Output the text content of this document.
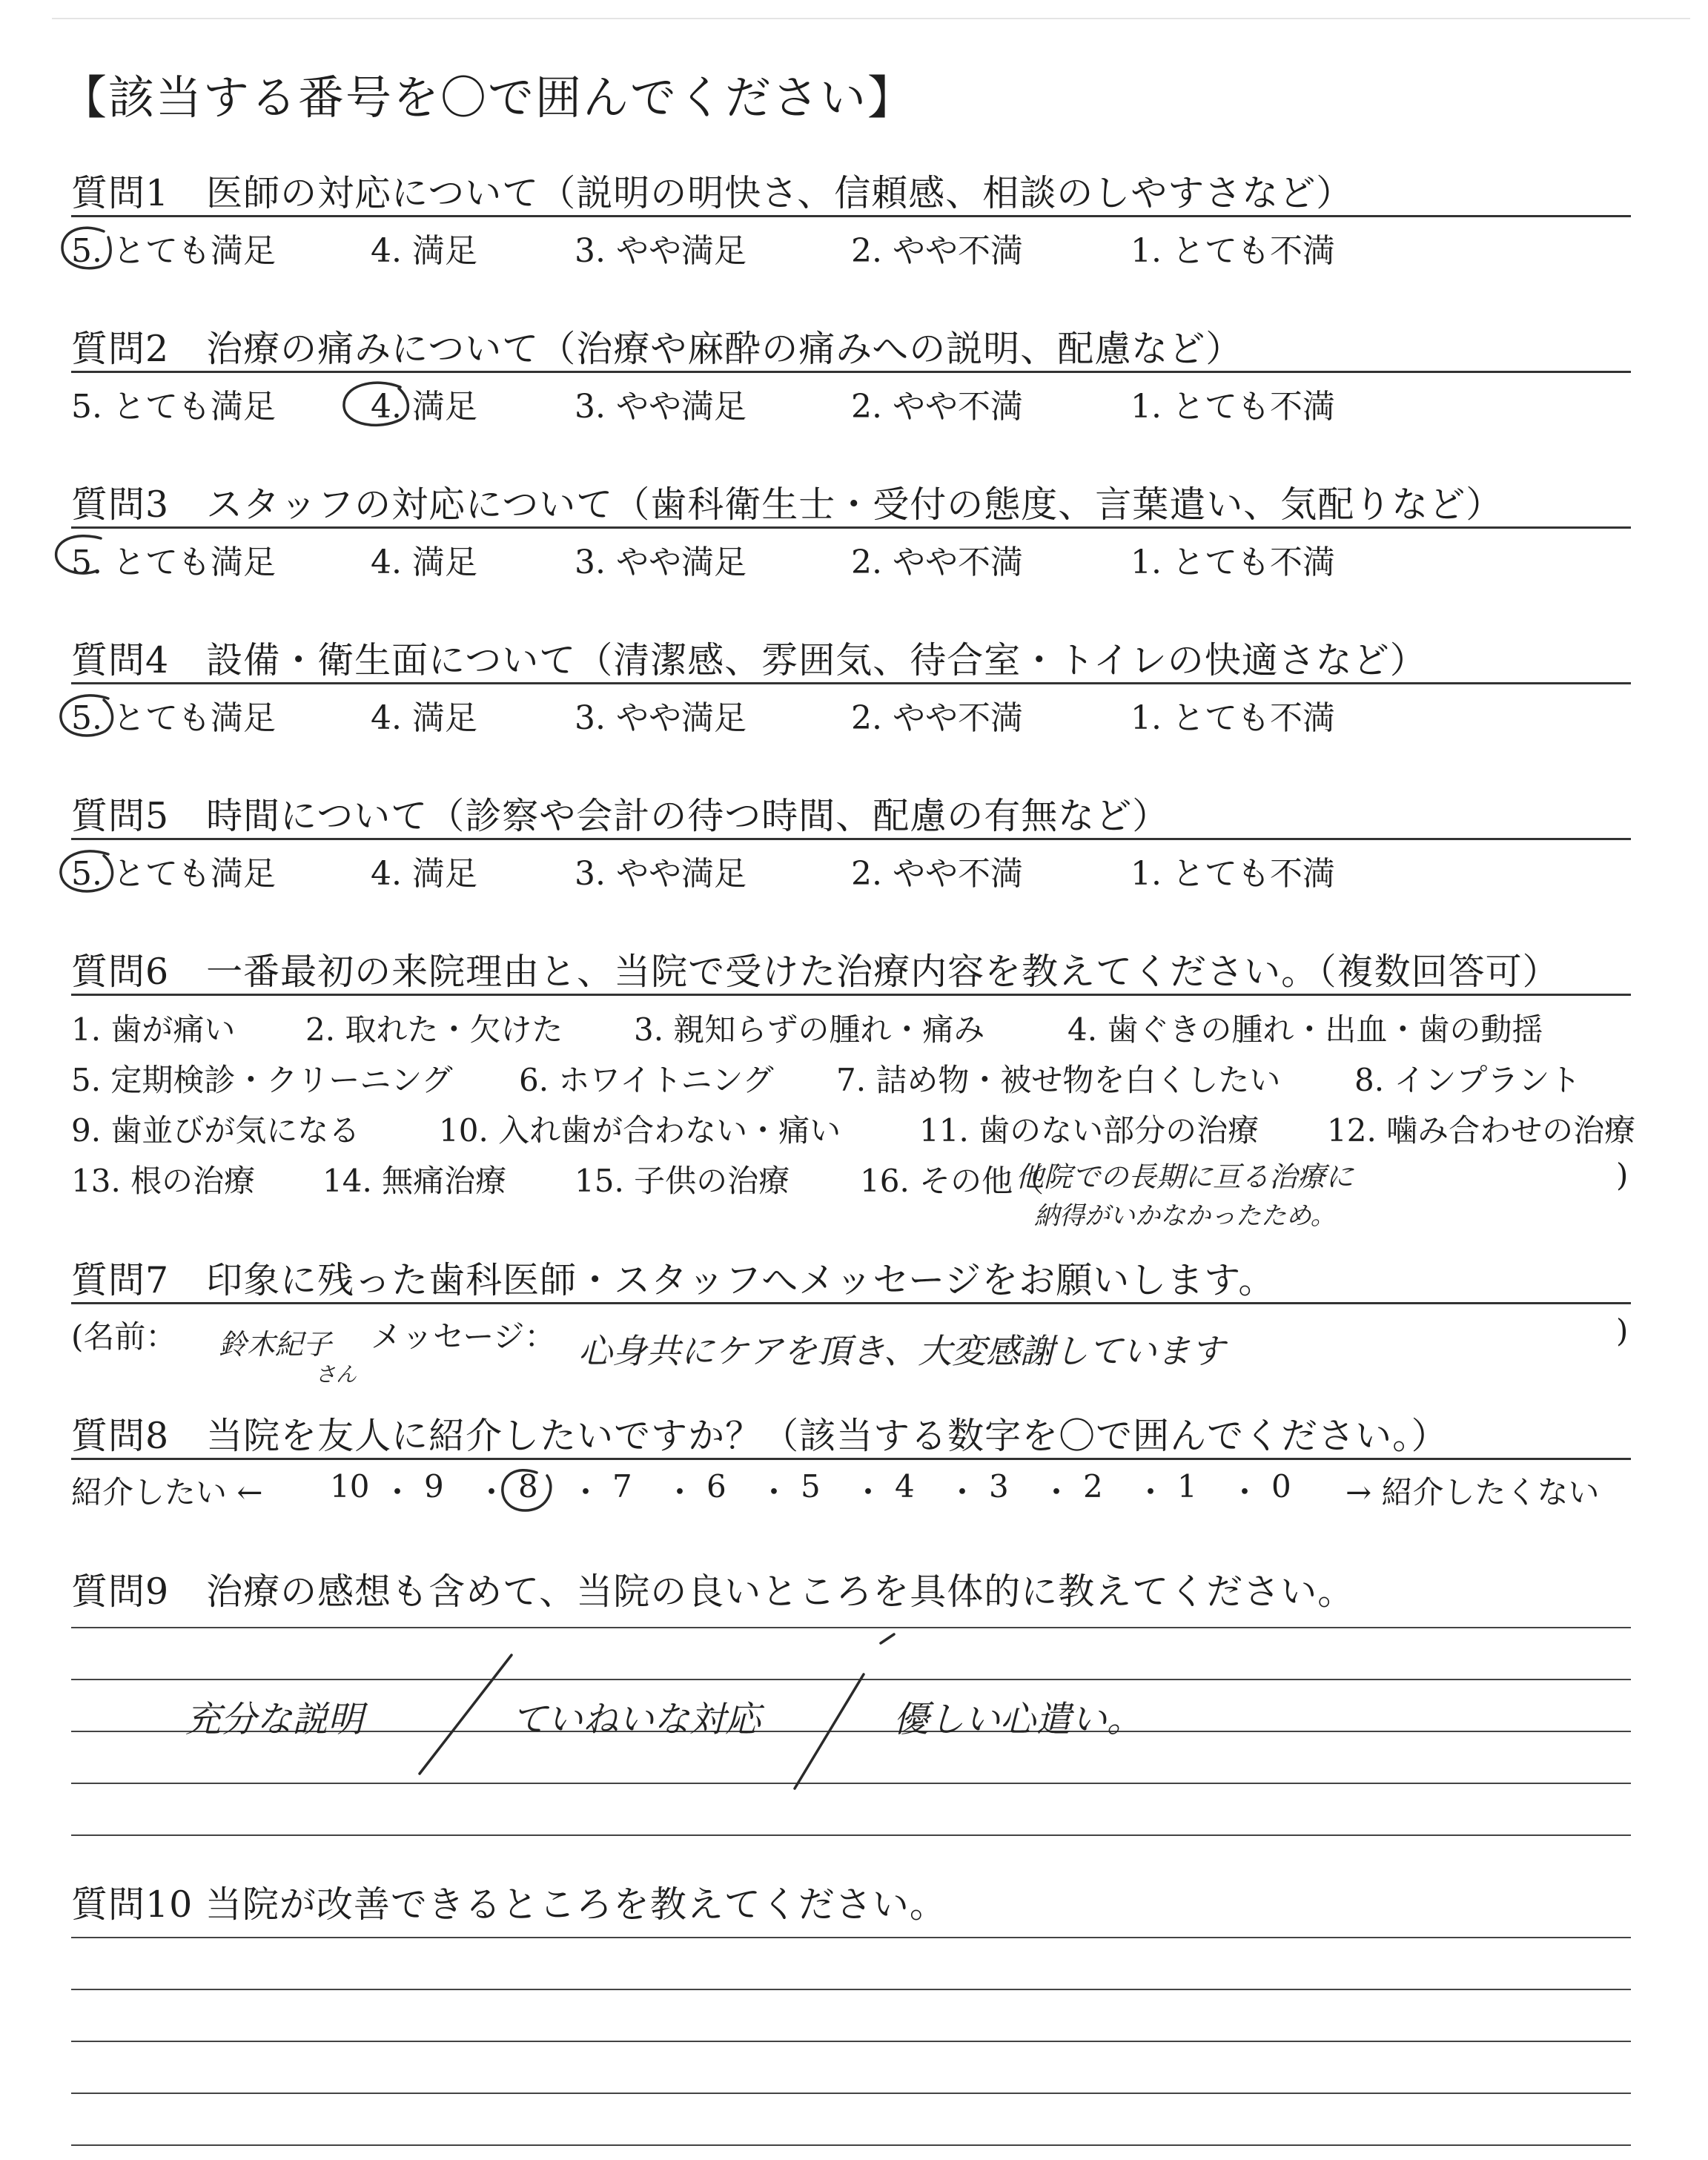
【該当する番号を〇で囲んでください】
質問1　医師の対応について（説明の明快さ、信頼感、相談のしやすさなど）
5. とても満足	4. 満足	3. やや満足	2. やや不満	1. とても不満
質問2　治療の痛みについて（治療や麻酔の痛みへの説明、配慮など）
5. とても満足	4. 満足	3. やや満足	2. やや不満	1. とても不満
質問3　スタッフの対応について（歯科衛生士・受付の態度、言葉遣い、気配りなど）
5. とても満足	4. 満足	3. やや満足	2. やや不満	1. とても不満
質問4　設備・衛生面について（清潔感、雰囲気、待合室・トイレの快適さなど）
5. とても満足	4. 満足	3. やや満足	2. やや不満	1. とても不満
質問5　時間について（診察や会計の待つ時間、配慮の有無など）
5. とても満足	4. 満足	3. やや満足	2. やや不満	1. とても不満
質問6　一番最初の来院理由と、当院で受けた治療内容を教えてください。（複数回答可）
1. 歯が痛い 2. 取れた・欠けた 3. 親知らずの腫れ・痛み	4. 歯ぐきの腫れ・出血・歯の動揺
5. 定期検診・クリーニング 6. ホワイトニング 7. 詰め物・被せ物を白くしたい 8. インプラント
9. 歯並びが気になる	10. 入れ歯が合わない・痛い	11. 歯のない部分の治療 12. 噛み合わせの治療
13. 根の治療 14. 無痛治療 15. 子供の治療 16. その他（	)
他院での長期に亘る治療に
納得がいかなかったため。
質問7　印象に残った歯科医師・スタッフへメッセージをお願いします。
(名前： 鈴木紀子
さん
メッセージ： 心身共にケアを頂き、大変感謝しています
)
質問8　当院を友人に紹介したいですか？（該当する数字を〇で囲んでください。）
紹介したい ←	→ 紹介したくない
10 ・ 9 ・ 8 ・ 7 ・ 6 ・ 5 ・ 4 ・ 3 ・ 2 ・ 1 ・ 0
質問9　治療の感想も含めて、当院の良いところを具体的に教えてください。
充分な説明	ていねいな対応	優しい心遣い。
質問10 当院が改善できるところを教えてください。
